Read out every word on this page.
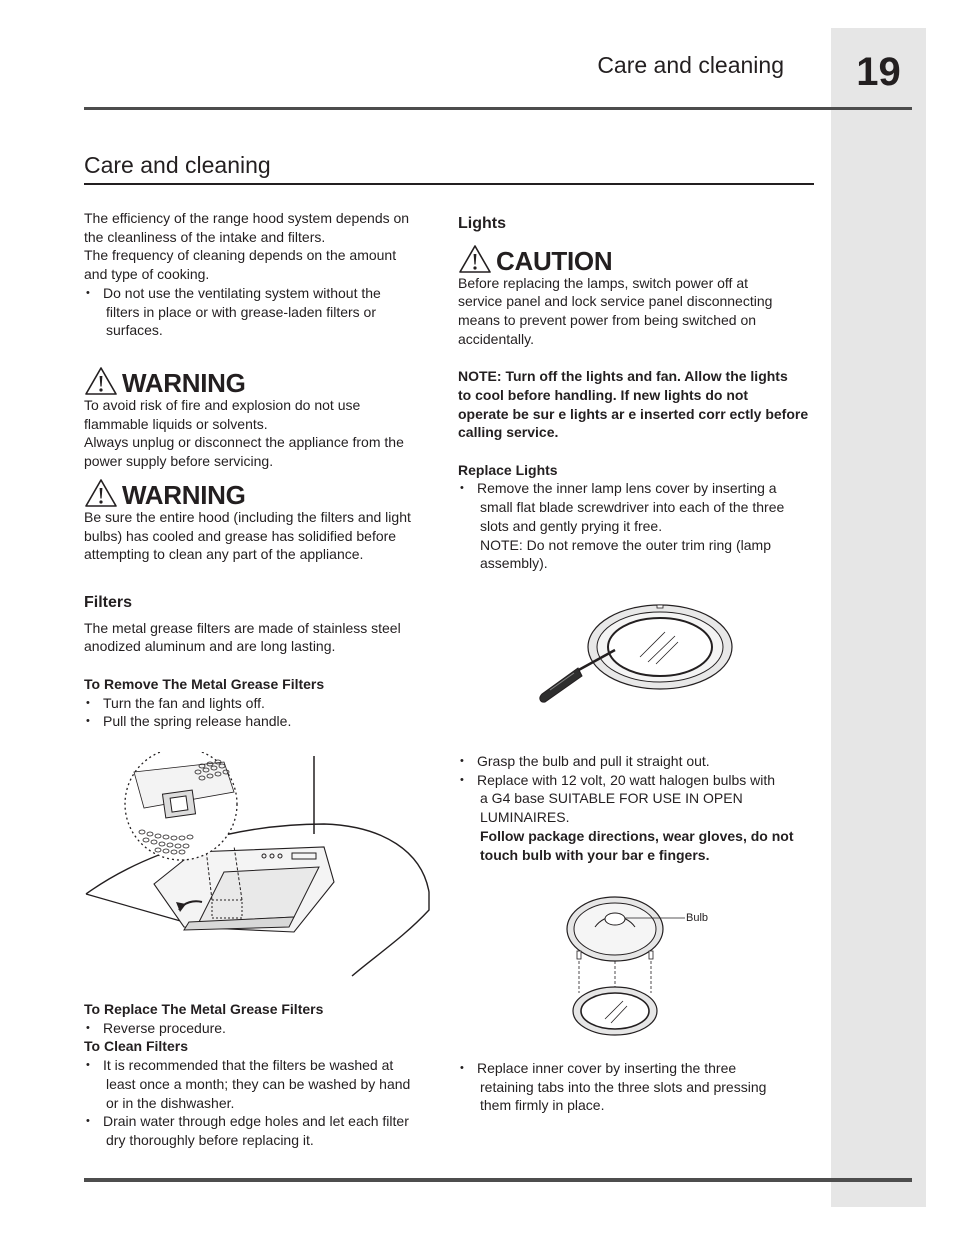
19
Care and cleaning
Care and cleaning

The efficiency of the range hood system depends on

the cleanliness of the intake and filters.

The frequency of cleaning depends on the amount

and type of cooking.

• Do not use the ventilating system without the

filters in place or with grease-laden filters or

surfaces.

WARNING

To avoid risk of fire and explosion do not use

flammable liquids or solvents.

Always unplug or disconnect the appliance from the

power supply before servicing.

WARNING

Be sure the entire hood (including the filters and light

bulbs) has cooled and grease has solidified before

attempting to clean any part of the appliance.

Filters

The metal grease filters are made of stainless steel

anodized aluminum and are long lasting.

To Remove The Metal Grease Filters

• Turn the fan and lights off.

• Pull the spring release handle.

To Replace The Metal Grease Filters

• Reverse procedure.

To Clean Filters

• It is recommended that the filters be washed at

least once a month; they can be washed by hand

or in the dishwasher.

• Drain water through edge holes and let each filter

dry thoroughly before replacing it.

Lights

CAUTION

Before replacing the lamps, switch power off at

service panel and lock service panel disconnecting

means to prevent power from being switched on

accidentally.

NOTE: Turn off the lights and fan. Allow the lights

to cool before handling. If new lights do not

operate be sur e lights ar e inserted corr ectly before

calling service.

Replace Lights

• Remove the inner lamp lens cover by inserting a

small flat blade screwdriver into each of the three

slots and gently prying it free.

NOTE: Do not remove the outer trim ring (lamp

assembly).

• Grasp the bulb and pull it straight out.

• Replace with 12 volt, 20 watt halogen bulbs with

a G4 base SUITABLE FOR USE IN OPEN

LUMINAIRES.

Follow package directions, wear gloves, do not

touch bulb with your bar e fingers.

Bulb

• Replace inner cover by inserting the three

retaining tabs into the three slots and pressing

them firmly in place.
